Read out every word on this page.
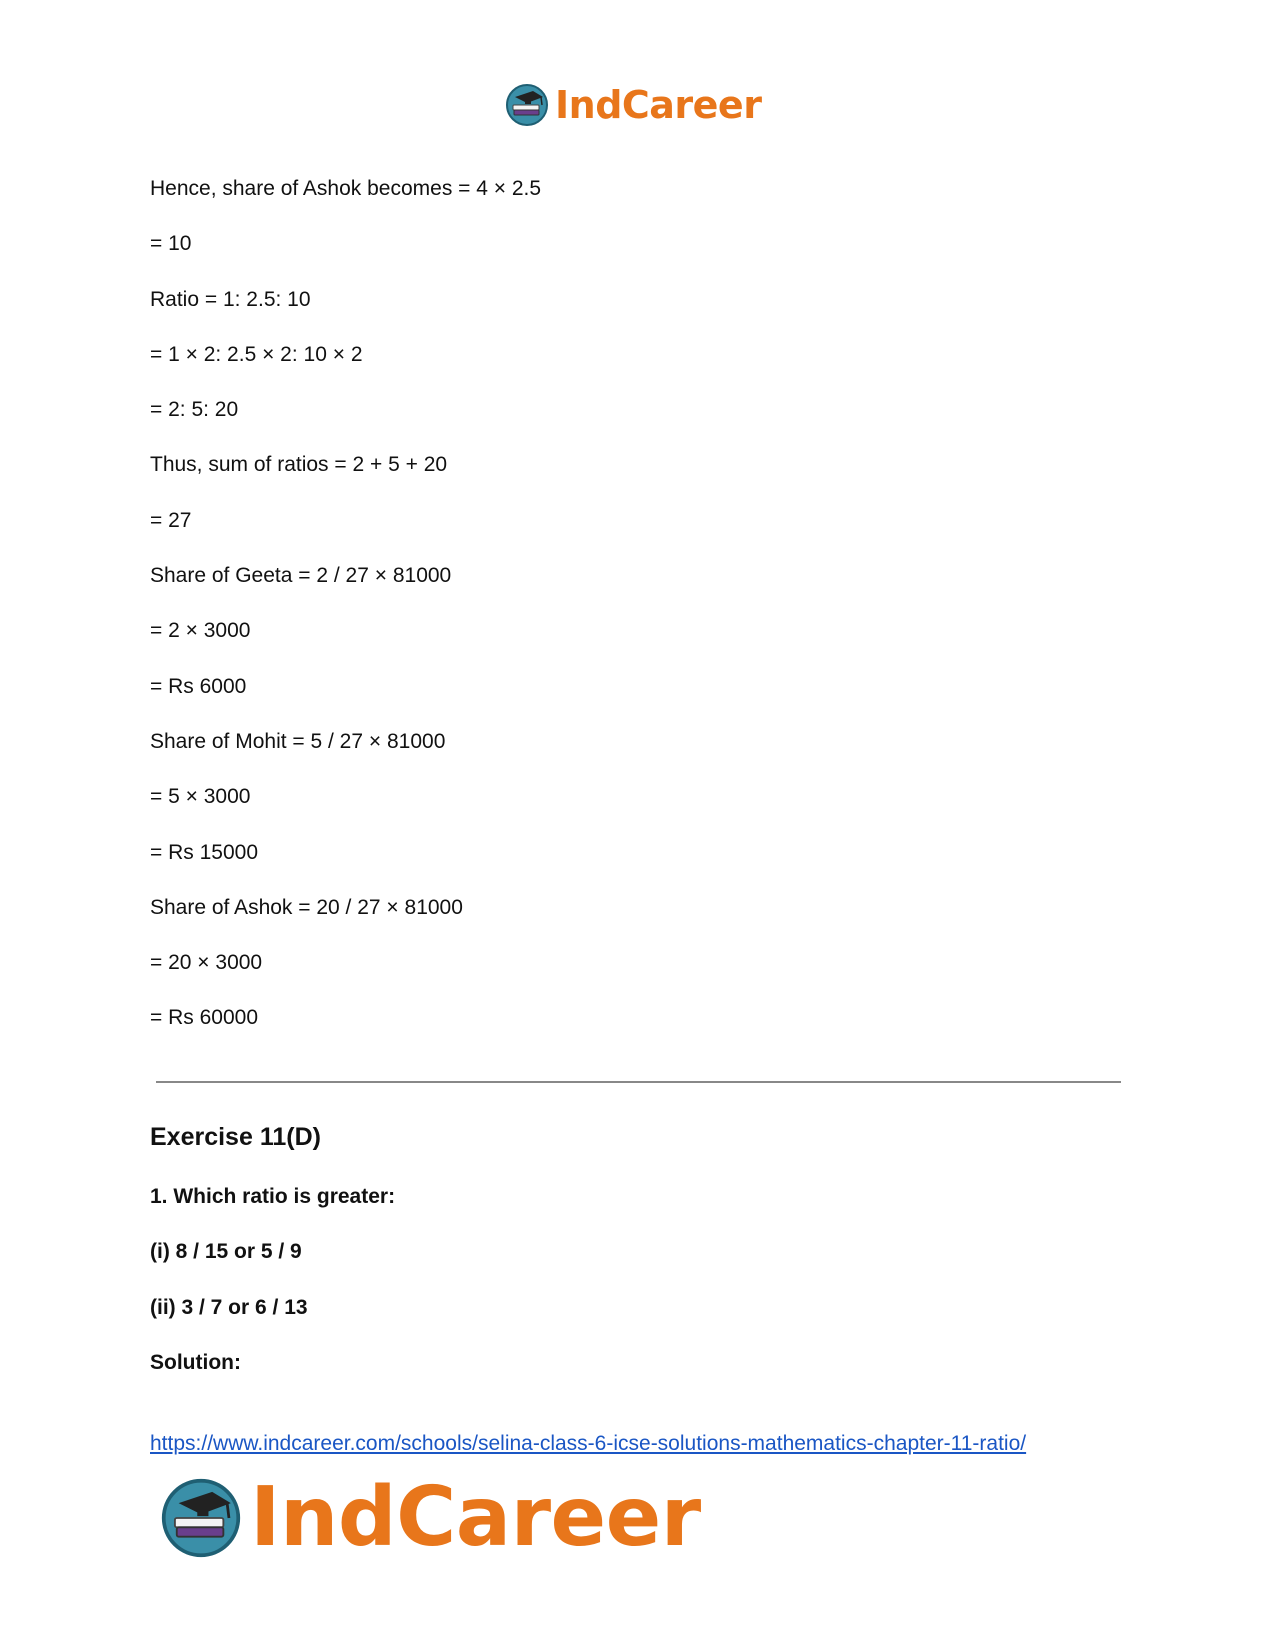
IndCareer
Hence, share of Ashok becomes = 4 × 2.5
= 10
Ratio = 1: 2.5: 10
= 1 × 2: 2.5 × 2: 10 × 2
= 2: 5: 20
Thus, sum of ratios = 2 + 5 + 20
= 27
Share of Geeta = 2 / 27 × 81000
= 2 × 3000
= Rs 6000
Share of Mohit = 5 / 27 × 81000
= 5 × 3000
= Rs 15000
Share of Ashok = 20 / 27 × 81000
= 20 × 3000
= Rs 60000
Exercise 11(D)
1. Which ratio is greater:
(i) 8 / 15 or 5 / 9
(ii) 3 / 7 or 6 / 13
Solution:
https://www.indcareer.com/schools/selina-class-6-icse-solutions-mathematics-chapter-11-ratio/
IndCareer
